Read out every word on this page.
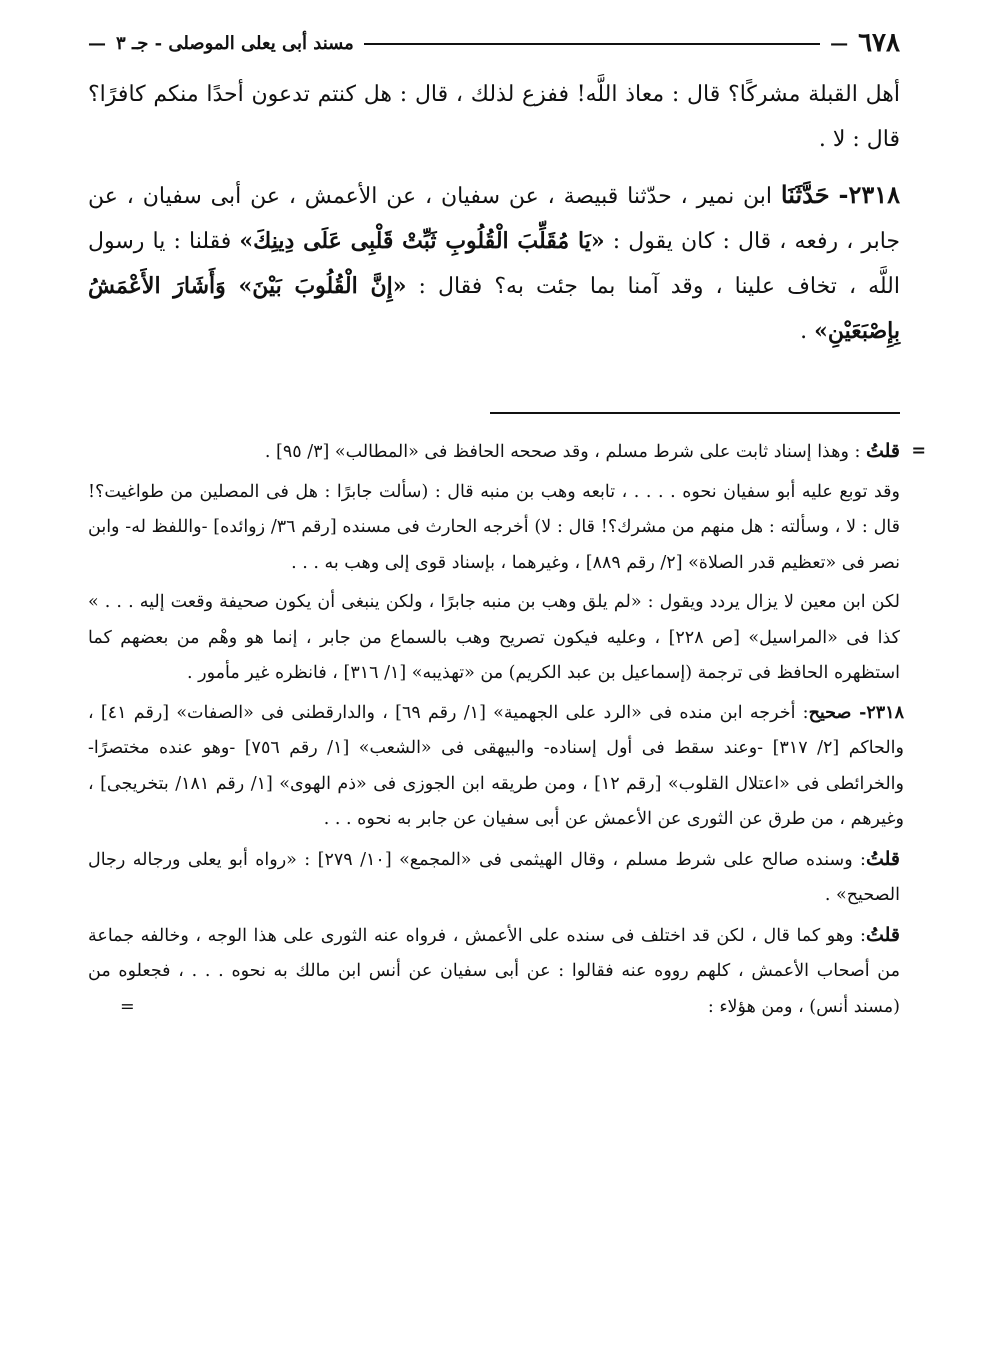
٦٧٨
—
مسند أبى يعلى الموصلى - جـ ٣
—

أهل القبلة مشركًا؟ قال : معاذ اللَّه! ففزع لذلك ، قال : هل كنتم تدعون أحدًا منكم كافرًا؟ قال : لا .

٢٣١٨- حَدَّثَنَا ابن نمير ، حدّثنا قبيصة ، عن سفيان ، عن الأعمش ، عن أبى سفيان ، عن جابر ، رفعه ، قال : كان يقول : «يَا مُقَلِّبَ الْقُلُوبِ ثَبِّتْ قَلْبِى عَلَى دِينِكَ» فقلنا : يا رسول اللَّه ، تخاف علينا ، وقد آمنا بما جئت به؟ فقال : «إِنَّ الْقُلُوبَ بَيْنَ» وَأَشَارَ الأَعْمَشُ بِإِصْبَعَيْنِ» .

=
قلتُ : وهذا إسناد ثابت على شرط مسلم ، وقد صححه الحافظ فى «المطالب» [٣/ ٩٥] .

وقد توبع عليه أبو سفيان نحوه . . . . ، تابعه وهب بن منبه قال : (سألت جابرًا : هل فى المصلين من طواغيت؟! قال : لا ، وسألته : هل منهم من مشرك؟! قال : لا) أخرجه الحارث فى مسنده [رقم ٣٦/ زوائده] -واللفظ له- وابن نصر فى «تعظيم قدر الصلاة» [٢/ رقم ٨٨٩] ، وغيرهما ، بإسناد قوى إلى وهب به . . .

لكن ابن معين لا يزال يردد ويقول : «لم يلق وهب بن منبه جابرًا ، ولكن ينبغى أن يكون صحيفة وقعت إليه . . . » كذا فى «المراسيل» [ص ٢٢٨] ، وعليه فيكون تصريح وهب بالسماع من جابر ، إنما هو وهْم من بعضهم كما استظهره الحافظ فى ترجمة (إسماعيل بن عبد الكريم) من «تهذيبه» [١/ ٣١٦] ، فانظره غير مأمور .

٢٣١٨- صحيح: أخرجه ابن منده فى «الرد على الجهمية» [١/ رقم ٦٩] ، والدارقطنى فى «الصفات» [رقم ٤١] ، والحاكم [٢/ ٣١٧] -وعند سقط فى أول إسناده- والبيهقى فى «الشعب» [١/ رقم ٧٥٦] -وهو عنده مختصرًا- والخرائطى فى «اعتلال القلوب» [رقم ١٢] ، ومن طريقه ابن الجوزى فى «ذم الهوى» [١/ رقم ١٨١/ بتخريجى] ، وغيرهم ، من طرق عن الثورى عن الأعمش عن أبى سفيان عن جابر به نحوه . . .

قلتُ: وسنده صالح على شرط مسلم ، وقال الهيثمى فى «المجمع» [١٠/ ٢٧٩] : «رواه أبو يعلى ورجاله رجال الصحيح» .

قلتُ: وهو كما قال ، لكن قد اختلف فى سنده على الأعمش ، فرواه عنه الثورى على هذا الوجه ، وخالفه جماعة من أصحاب الأعمش ، كلهم رووه عنه فقالوا : عن أبى سفيان عن أنس ابن مالك به نحوه . . . ، فجعلوه من (مسند أنس) ، ومن هؤلاء :
=
